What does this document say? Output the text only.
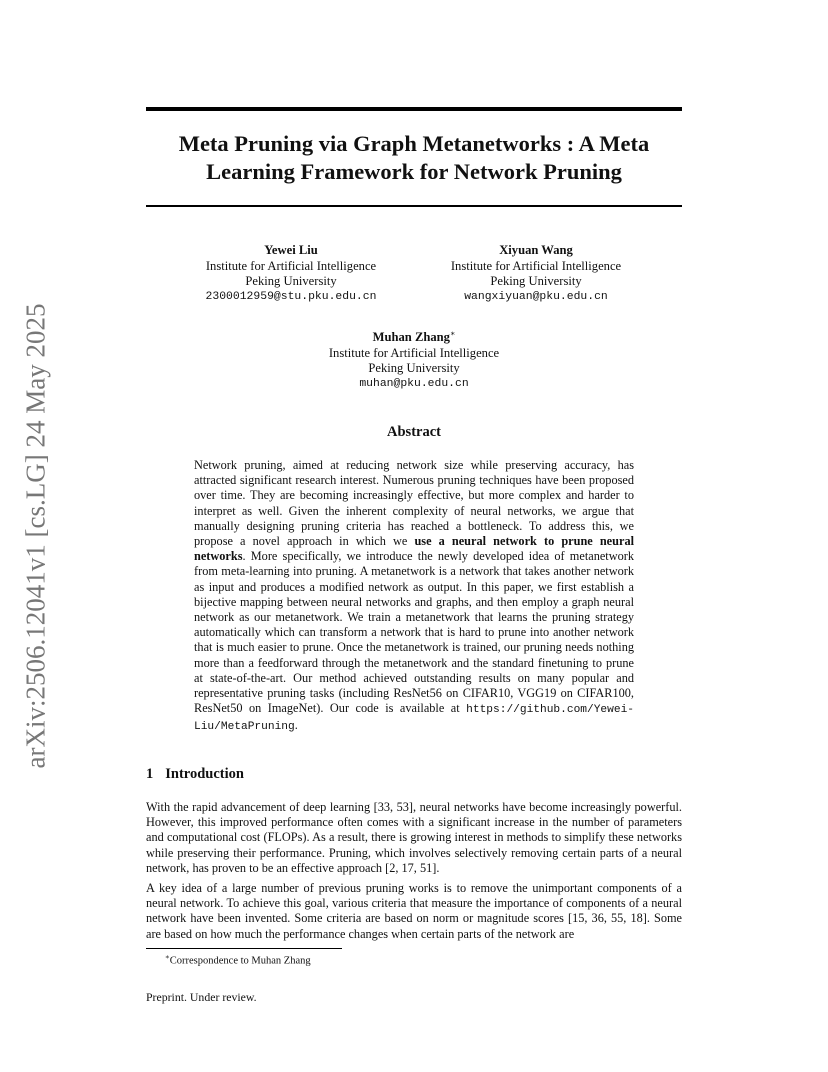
arXiv:2506.12041v1 [cs.LG] 24 May 2025
Meta Pruning via Graph Metanetworks : A Meta
Learning Framework for Network Pruning
Yewei Liu
Institute for Artificial Intelligence
Peking University
2300012959@stu.pku.edu.cn
Xiyuan Wang
Institute for Artificial Intelligence
Peking University
wangxiyuan@pku.edu.cn
Muhan Zhang∗
Institute for Artificial Intelligence
Peking University
muhan@pku.edu.cn
Abstract

Network pruning, aimed at reducing network size while preserving accuracy, has attracted significant research interest. Numerous pruning techniques have been proposed over time. They are becoming increasingly effective, but more complex and harder to interpret as well. Given the inherent complexity of neural networks, we argue that manually designing pruning criteria has reached a bottleneck. To address this, we propose a novel approach in which we use a neural network to prune neural networks. More specifically, we introduce the newly developed idea of metanetwork from meta-learning into pruning. A metanetwork is a network that takes another network as input and produces a modified network as output. In this paper, we first establish a bijective mapping between neural networks and graphs, and then employ a graph neural network as our metanetwork. We train a metanetwork that learns the pruning strategy automatically which can transform a network that is hard to prune into another network that is much easier to prune. Once the metanetwork is trained, our pruning needs nothing more than a feedforward through the metanetwork and the standard finetuning to prune at state-of-the-art. Our method achieved outstanding results on many popular and representative pruning tasks (including ResNet56 on CIFAR10, VGG19 on CIFAR100, ResNet50 on ImageNet). Our code is available at https://github.com/Yewei-Liu/MetaPruning.

1 Introduction

With the rapid advancement of deep learning [33, 53], neural networks have become increasingly powerful. However, this improved performance often comes with a significant increase in the number of parameters and computational cost (FLOPs). As a result, there is growing interest in methods to simplify these networks while preserving their performance. Pruning, which involves selectively removing certain parts of a neural network, has proven to be an effective approach [2, 17, 51].

A key idea of a large number of previous pruning works is to remove the unimportant components of a neural network. To achieve this goal, various criteria that measure the importance of components of a neural network have been invented. Some criteria are based on norm or magnitude scores [15, 36, 55, 18]. Some are based on how much the performance changes when certain parts of the network are

∗Correspondence to Muhan Zhang

Preprint. Under review.
